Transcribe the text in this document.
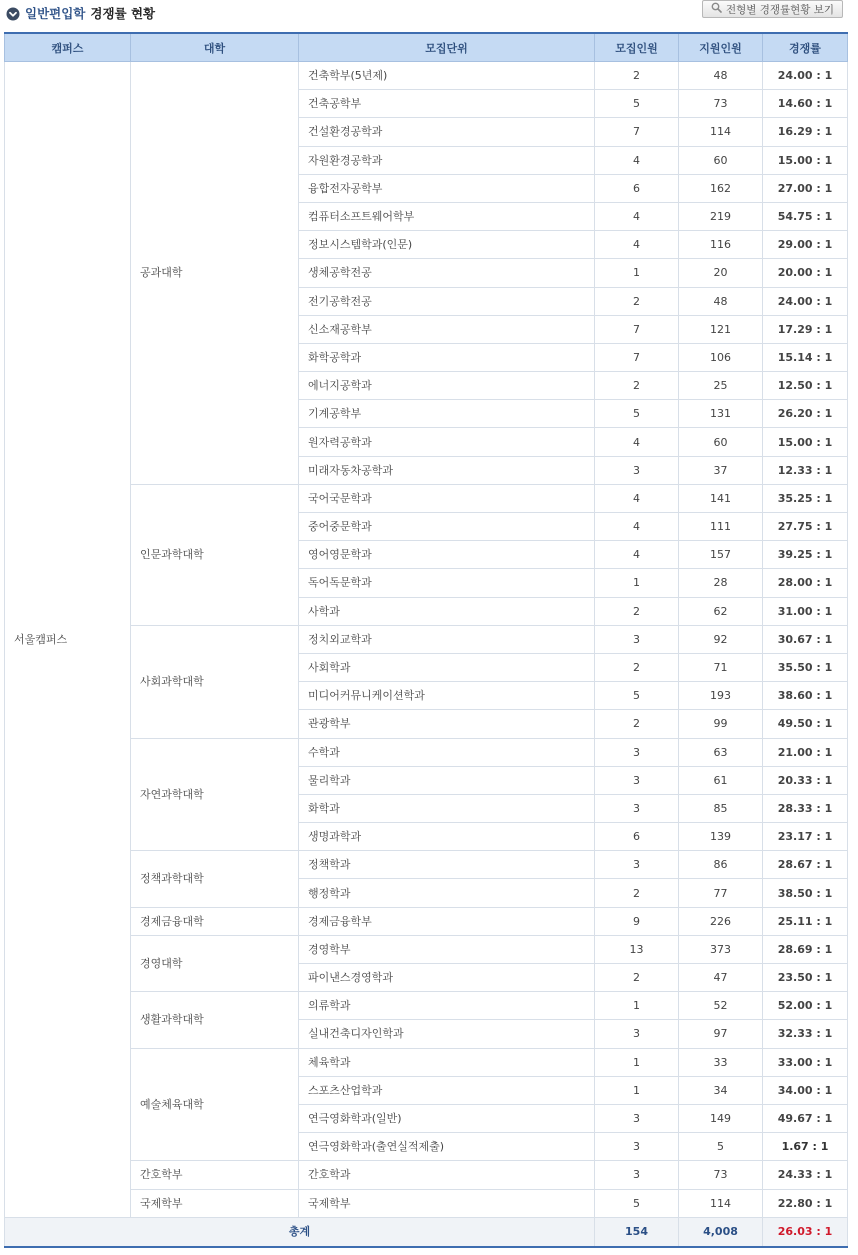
일반편입학 경쟁률 현황	전형별 경쟁률현황 보기
캠퍼스	대학	모집단위	모집인원	지원인원	경쟁률
서울캠퍼스	공과대학	건축학부(5년제)	2	48	24.00 : 1
		건축공학부	5	73	14.60 : 1
		건설환경공학과	7	114	16.29 : 1
		자원환경공학과	4	60	15.00 : 1
		융합전자공학부	6	162	27.00 : 1
		컴퓨터소프트웨어학부	4	219	54.75 : 1
		정보시스템학과(인문)	4	116	29.00 : 1
		생체공학전공	1	20	20.00 : 1
		전기공학전공	2	48	24.00 : 1
		신소재공학부	7	121	17.29 : 1
		화학공학과	7	106	15.14 : 1
		에너지공학과	2	25	12.50 : 1
		기계공학부	5	131	26.20 : 1
		원자력공학과	4	60	15.00 : 1
		미래자동차공학과	3	37	12.33 : 1
	인문과학대학	국어국문학과	4	141	35.25 : 1
		중어중문학과	4	111	27.75 : 1
		영어영문학과	4	157	39.25 : 1
		독어독문학과	1	28	28.00 : 1
		사학과	2	62	31.00 : 1
	사회과학대학	정치외교학과	3	92	30.67 : 1
		사회학과	2	71	35.50 : 1
		미디어커뮤니케이션학과	5	193	38.60 : 1
		관광학부	2	99	49.50 : 1
	자연과학대학	수학과	3	63	21.00 : 1
		물리학과	3	61	20.33 : 1
		화학과	3	85	28.33 : 1
		생명과학과	6	139	23.17 : 1
	정책과학대학	정책학과	3	86	28.67 : 1
		행정학과	2	77	38.50 : 1
	경제금융대학	경제금융학부	9	226	25.11 : 1
	경영대학	경영학부	13	373	28.69 : 1
		파이낸스경영학과	2	47	23.50 : 1
	생활과학대학	의류학과	1	52	52.00 : 1
		실내건축디자인학과	3	97	32.33 : 1
	예술체육대학	체육학과	1	33	33.00 : 1
		스포츠산업학과	1	34	34.00 : 1
		연극영화학과(일반)	3	149	49.67 : 1
		연극영화학과(출연실적제출)	3	5	1.67 : 1
	간호학부	간호학과	3	73	24.33 : 1
	국제학부	국제학부	5	114	22.80 : 1
총계			154	4,008	26.03 : 1
